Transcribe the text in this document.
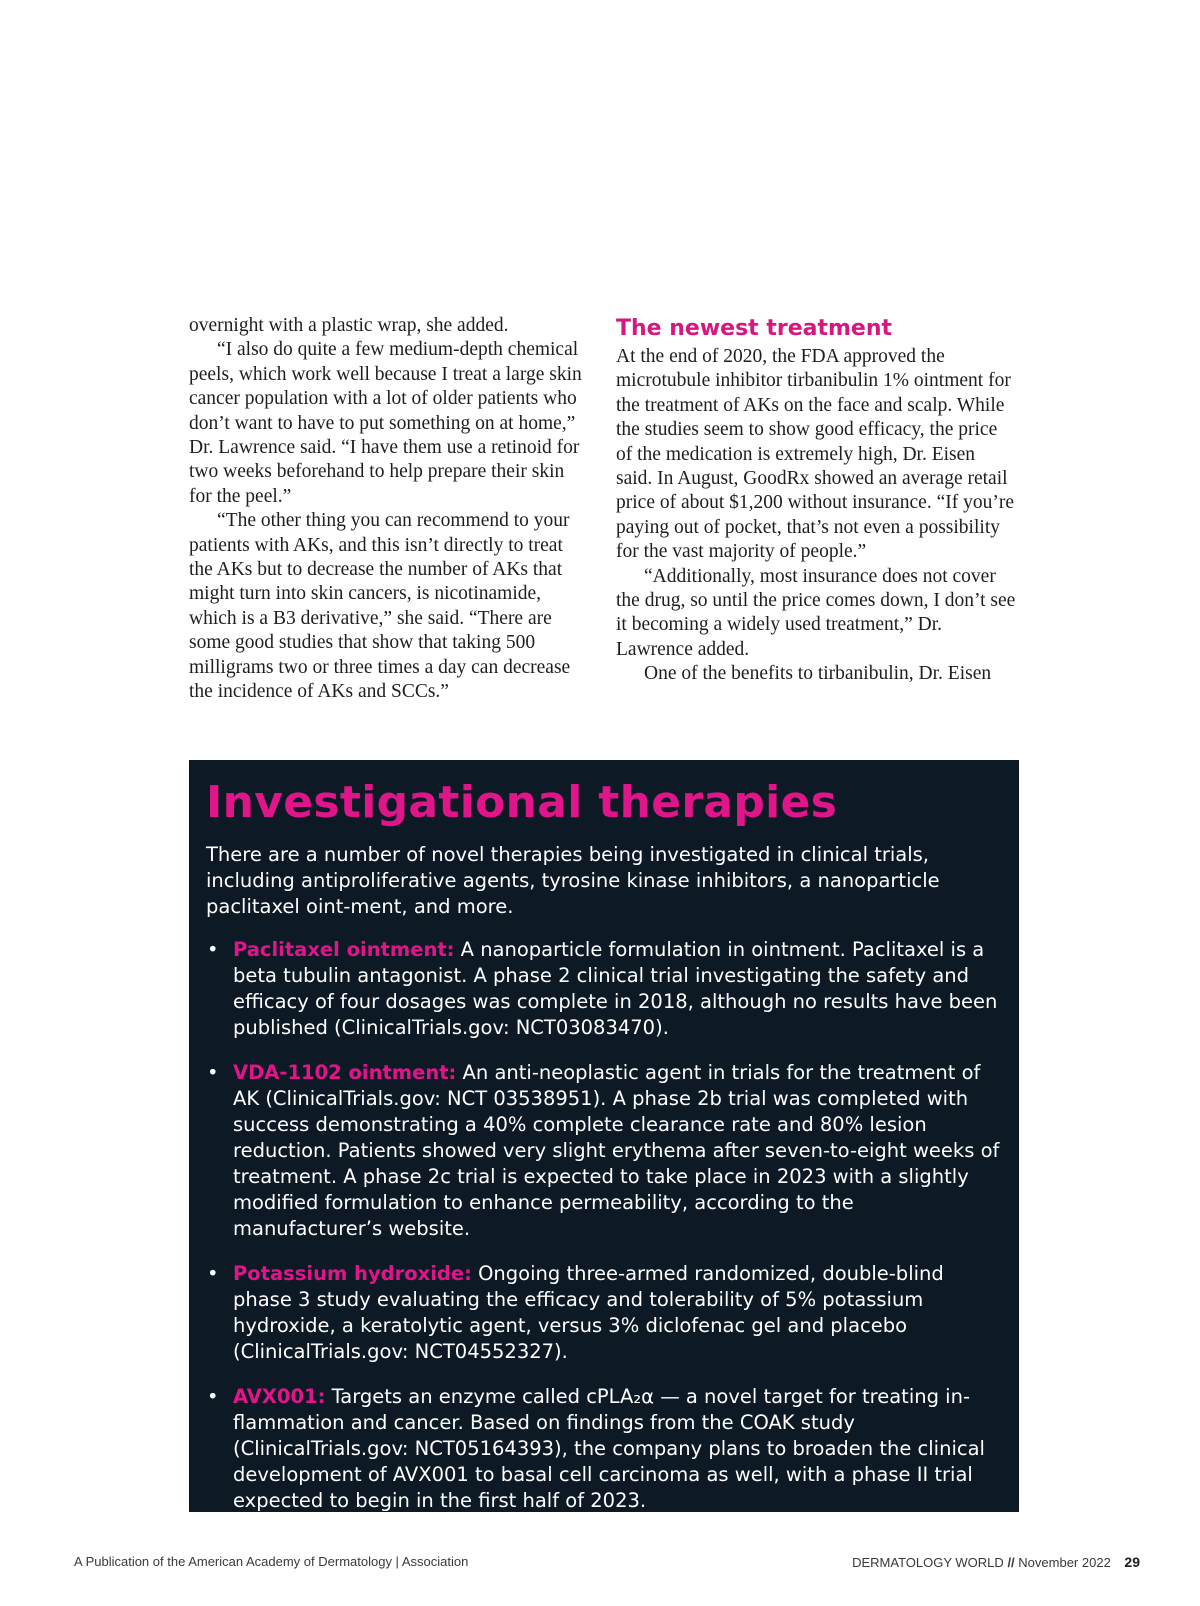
overnight with a plastic wrap, she added.

“I also do quite a few medium-depth chemical peels, which work well because I treat a large skin cancer population with a lot of older patients who don’t want to have to put something on at home,” Dr. Lawrence said. “I have them use a retinoid for two weeks beforehand to help prepare their skin for the peel.”

“The other thing you can recommend to your patients with AKs, and this isn’t directly to treat the AKs but to decrease the number of AKs that might turn into skin cancers, is nicotinamide, which is a B3 derivative,” she said. “There are some good studies that show that taking 500 milligrams two or three times a day can decrease the incidence of AKs and SCCs.”

The newest treatment

At the end of 2020, the FDA approved the microtubule inhibitor tirbanibulin 1% ointment for the treatment of AKs on the face and scalp. While the studies seem to show good efficacy, the price of the medication is extremely high, Dr. Eisen said. In August, GoodRx showed an average retail price of about $1,200 without insurance. “If you’re paying out of pocket, that’s not even a possibility for the vast majority of people.”

“Additionally, most insurance does not cover the drug, so until the price comes down, I don’t see it becoming a widely used treatment,” Dr. Lawrence added.

One of the benefits to tirbanibulin, Dr. Eisen

Investigational therapies

There are a number of novel therapies being investigated in clinical trials, including antiproliferative agents, tyrosine kinase inhibitors, a nanoparticle paclitaxel oint-ment, and more.

• Paclitaxel ointment: A nanoparticle formulation in ointment. Paclitaxel is a beta tubulin antagonist. A phase 2 clinical trial investigating the safety and efficacy of four dosages was complete in 2018, although no results have been published (ClinicalTrials.gov: NCT03083470).
• VDA-1102 ointment: An anti-neoplastic agent in trials for the treatment of AK (ClinicalTrials.gov: NCT 03538951). A phase 2b trial was completed with success demonstrating a 40% complete clearance rate and 80% lesion reduction. Patients showed very slight erythema after seven-to-eight weeks of treatment. A phase 2c trial is expected to take place in 2023 with a slightly modified formulation to enhance permeability, according to the manufacturer’s website.
• Potassium hydroxide: Ongoing three-armed randomized, double-blind phase 3 study evaluating the efficacy and tolerability of 5% potassium hydroxide, a keratolytic agent, versus 3% diclofenac gel and placebo (ClinicalTrials.gov: NCT04552327).
• AVX001: Targets an enzyme called cPLA₂α — a novel target for treating in-flammation and cancer. Based on findings from the COAK study (ClinicalTrials.gov: NCT05164393), the company plans to broaden the clinical development of AVX001 to basal cell carcinoma as well, with a phase II trial expected to begin in the first half of 2023.
A Publication of the American Academy of Dermatology | Association	DERMATOLOGY WORLD // November 2022 29
